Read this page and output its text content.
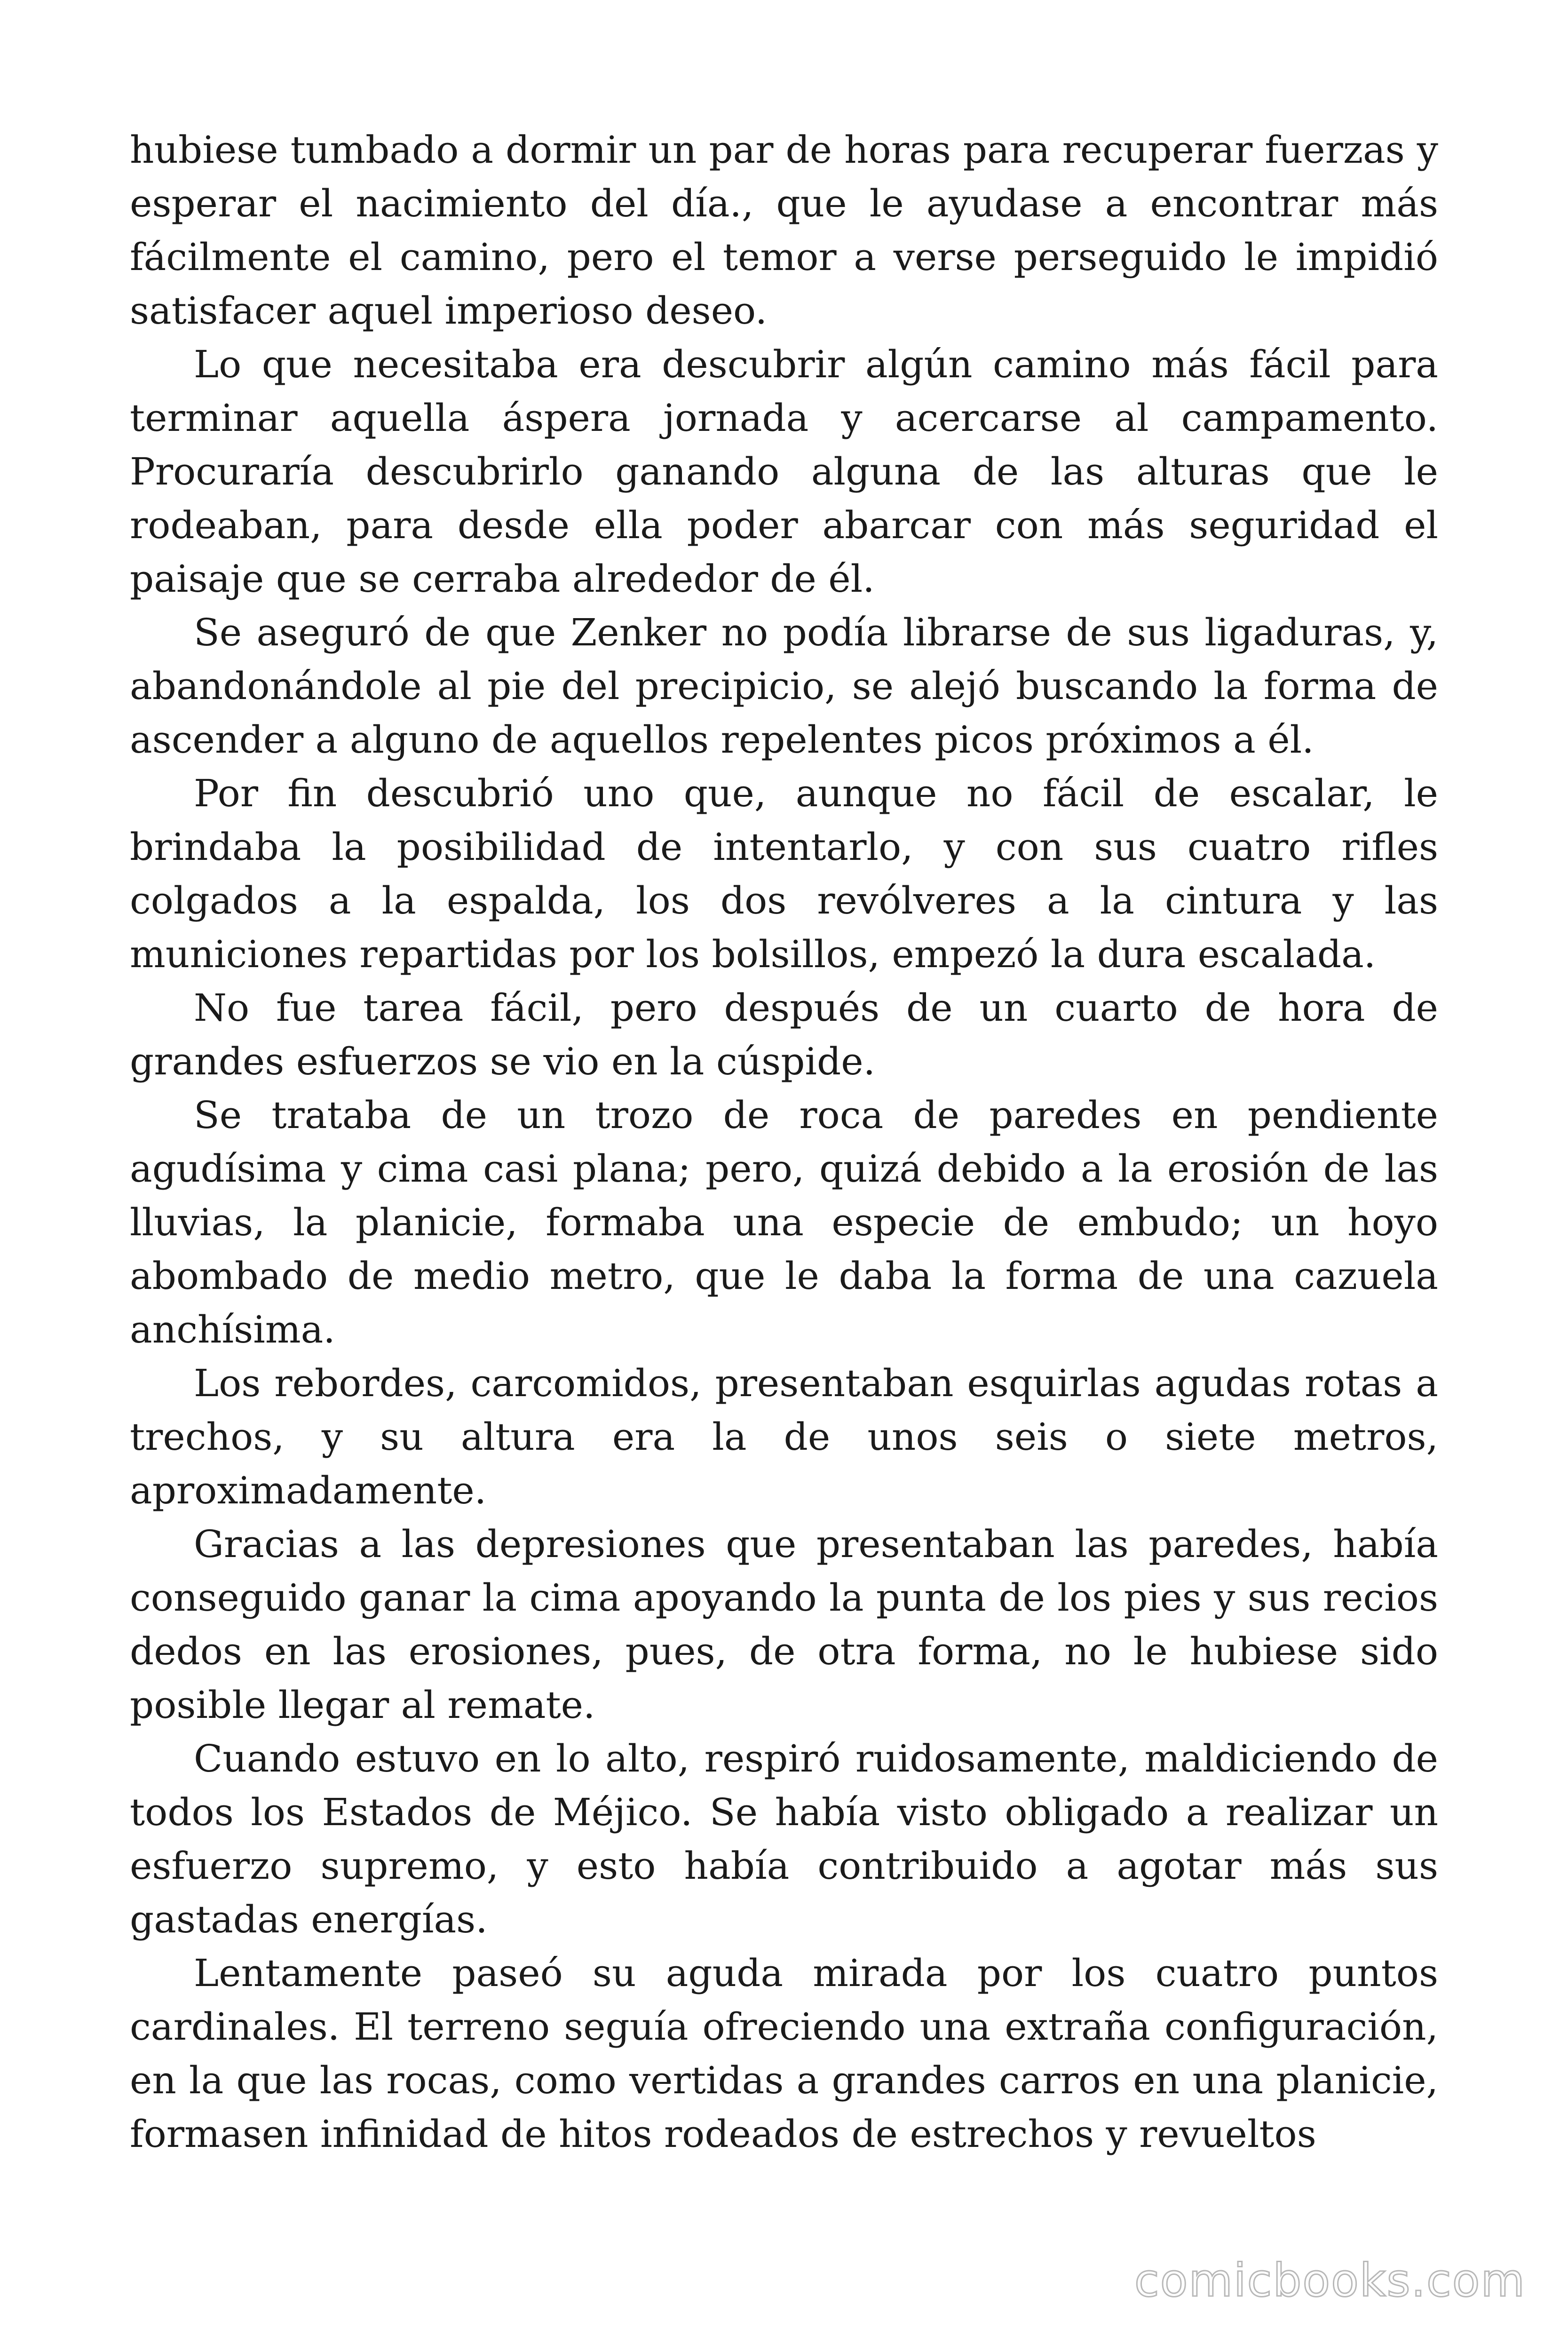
hubiese tumbado a dormir un par de horas para recuperar fuerzas y esperar el nacimiento del día., que le ayudase a encontrar más fácilmente el camino, pero el temor a verse perseguido le impidió satisfacer aquel imperioso deseo.

Lo que necesitaba era descubrir algún camino más fácil para terminar aquella áspera jornada y acercarse al campamento. Procuraría descubrirlo ganando alguna de las alturas que le rodeaban, para desde ella poder abarcar con más seguridad el paisaje que se cerraba alrededor de él.

Se aseguró de que Zenker no podía librarse de sus ligaduras, y, abandonándole al pie del precipicio, se alejó buscando la forma de ascender a alguno de aquellos repelentes picos próximos a él.

Por fin descubrió uno que, aunque no fácil de escalar, le brindaba la posibilidad de intentarlo, y con sus cuatro rifles colgados a la espalda, los dos revólveres a la cintura y las municiones repartidas por los bolsillos, empezó la dura escalada.

No fue tarea fácil, pero después de un cuarto de hora de grandes esfuerzos se vio en la cúspide.

Se trataba de un trozo de roca de paredes en pendiente agudísima y cima casi plana; pero, quizá debido a la erosión de las lluvias, la planicie, formaba una especie de embudo; un hoyo abombado de medio metro, que le daba la forma de una cazuela anchísima.

Los rebordes, carcomidos, presentaban esquirlas agudas rotas a trechos, y su altura era la de unos seis o siete metros, aproximadamente.

Gracias a las depresiones que presentaban las paredes, había conseguido ganar la cima apoyando la punta de los pies y sus recios dedos en las erosiones, pues, de otra forma, no le hubiese sido posible llegar al remate.

Cuando estuvo en lo alto, respiró ruidosamente, maldiciendo de todos los Estados de Méjico. Se había visto obligado a realizar un esfuerzo supremo, y esto había contribuido a agotar más sus gastadas energías.

Lentamente paseó su aguda mirada por los cuatro puntos cardinales. El terreno seguía ofreciendo una extraña configuración, en la que las rocas, como vertidas a grandes carros en una planicie, formasen infinidad de hitos rodeados de estrechos y revueltos

comicbooks.com
